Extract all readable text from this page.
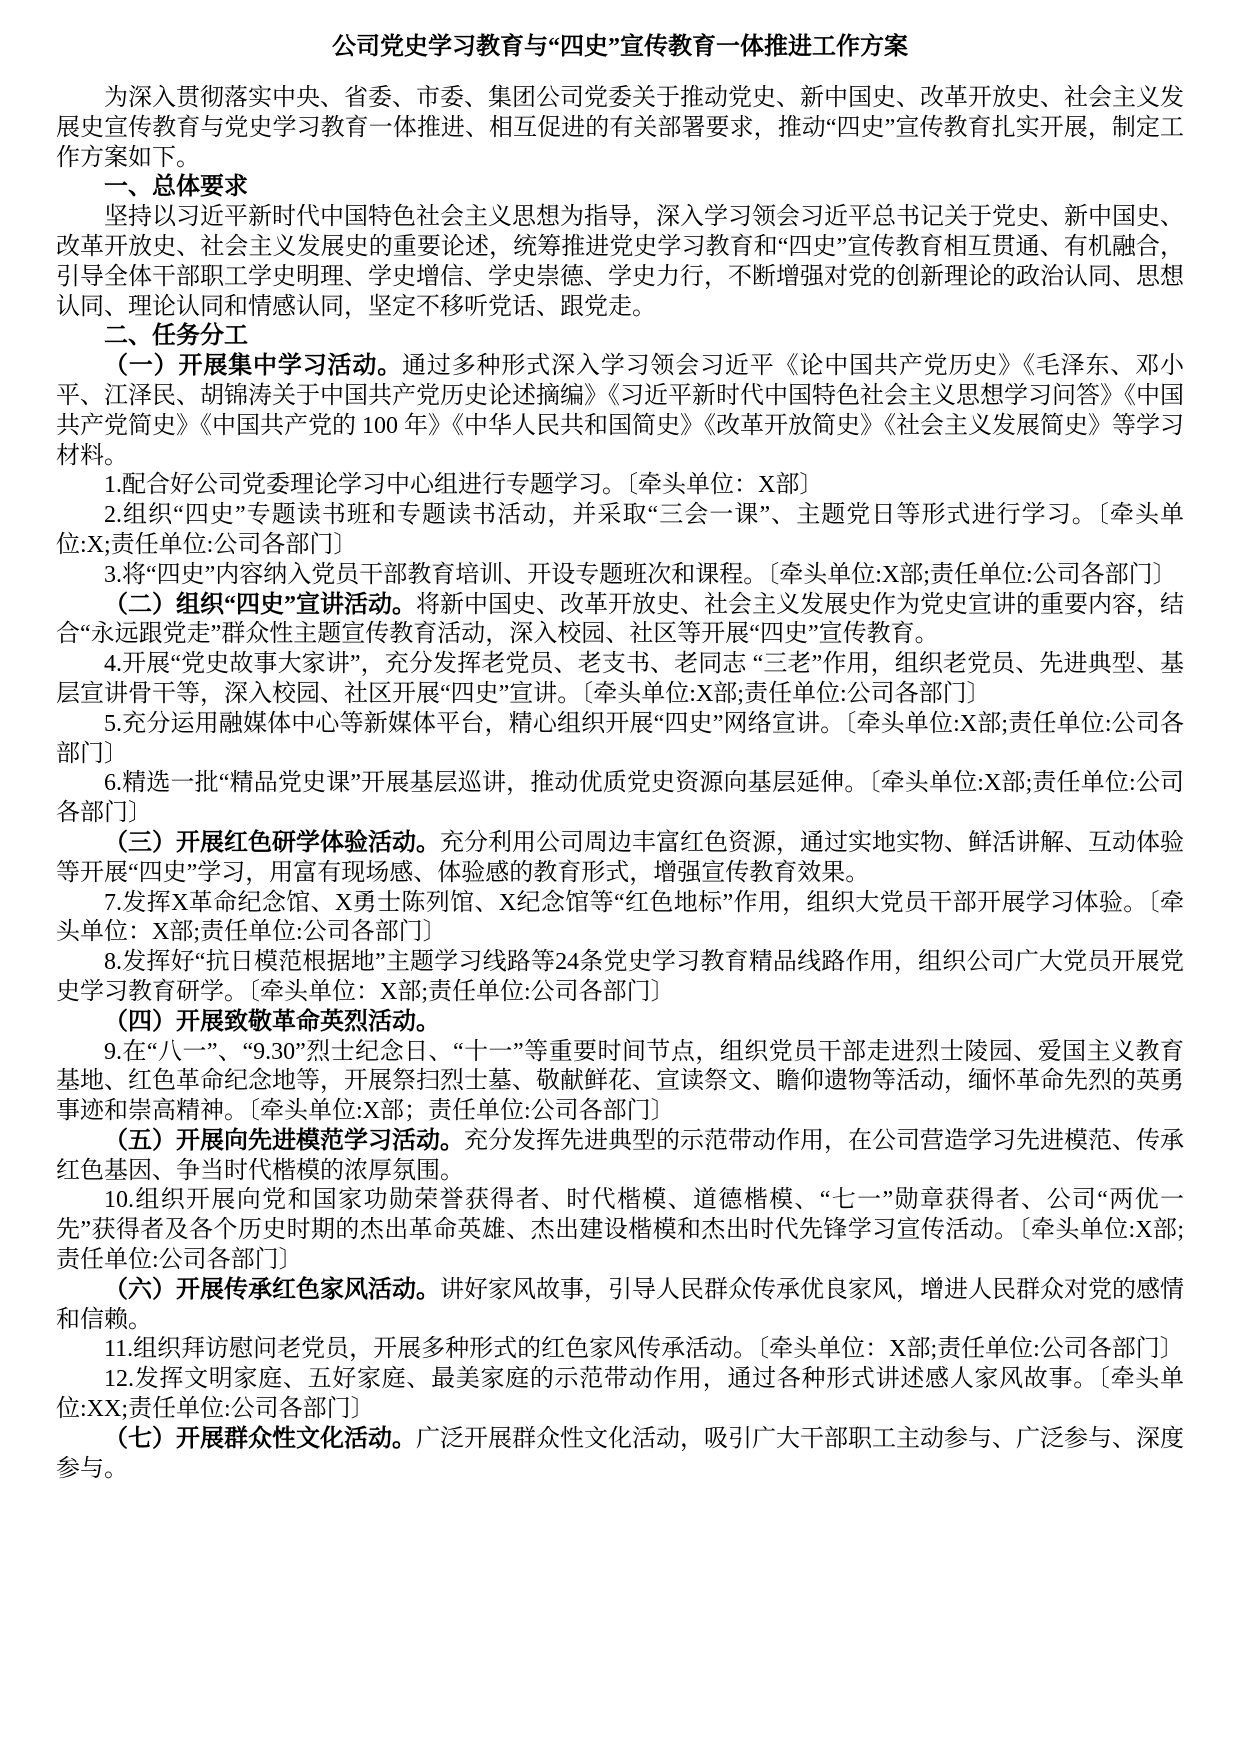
公司党史学习教育与“四史”宣传教育一体推进工作方案

为深入贯彻落实中央、省委、市委、集团公司党委关于推动党史、新中国史、改革开放史、社会主义发展史宣传教育与党史学习教育一体推进、相互促进的有关部署要求，推动“四史”宣传教育扎实开展，制定工作方案如下。

一、总体要求

坚持以习近平新时代中国特色社会主义思想为指导，深入学习领会习近平总书记关于党史、新中国史、改革开放史、社会主义发展史的重要论述，统筹推进党史学习教育和“四史”宣传教育相互贯通、有机融合，引导全体干部职工学史明理、学史增信、学史崇德、学史力行，不断增强对党的创新理论的政治认同、思想认同、理论认同和情感认同，坚定不移听党话、跟党走。

二、任务分工

（一）开展集中学习活动。通过多种形式深入学习领会习近平《论中国共产党历史》《毛泽东、邓小平、江泽民、胡锦涛关于中国共产党历史论述摘编》《习近平新时代中国特色社会主义思想学习问答》《中国共产党简史》《中国共产党的 100 年》《中华人民共和国简史》《改革开放简史》《社会主义发展简史》等学习材料。

1.配合好公司党委理论学习中心组进行专题学习。〔牵头单位：X部〕

2.组织“四史”专题读书班和专题读书活动，并采取“三会一课”、主题党日等形式进行学习。〔牵头单位:X;责任单位:公司各部门〕

3.将“四史”内容纳入党员干部教育培训、开设专题班次和课程。〔牵头单位:X部;责任单位:公司各部门〕

（二）组织“四史”宣讲活动。将新中国史、改革开放史、社会主义发展史作为党史宣讲的重要内容，结合“永远跟党走”群众性主题宣传教育活动，深入校园、社区等开展“四史”宣传教育。

4.开展“党史故事大家讲”，充分发挥老党员、老支书、老同志 “三老”作用，组织老党员、先进典型、基层宣讲骨干等，深入校园、社区开展“四史”宣讲。〔牵头单位:X部;责任单位:公司各部门〕

5.充分运用融媒体中心等新媒体平台，精心组织开展“四史”网络宣讲。〔牵头单位:X部;责任单位:公司各部门〕

6.精选一批“精品党史课”开展基层巡讲，推动优质党史资源向基层延伸。〔牵头单位:X部;责任单位:公司各部门〕

（三）开展红色研学体验活动。充分利用公司周边丰富红色资源，通过实地实物、鲜活讲解、互动体验等开展“四史”学习，用富有现场感、体验感的教育形式，增强宣传教育效果。

7.发挥X革命纪念馆、X勇士陈列馆、X纪念馆等“红色地标”作用，组织大党员干部开展学习体验。〔牵头单位：X部;责任单位:公司各部门〕

8.发挥好“抗日模范根据地”主题学习线路等24条党史学习教育精品线路作用，组织公司广大党员开展党史学习教育研学。〔牵头单位：X部;责任单位:公司各部门〕

（四）开展致敬革命英烈活动。

9.在“八一”、“9.30”烈士纪念日、“十一”等重要时间节点，组织党员干部走进烈士陵园、爱国主义教育基地、红色革命纪念地等，开展祭扫烈士墓、敬献鲜花、宣读祭文、瞻仰遗物等活动，缅怀革命先烈的英勇事迹和崇高精神。〔牵头单位:X部；责任单位:公司各部门〕

（五）开展向先进模范学习活动。充分发挥先进典型的示范带动作用，在公司营造学习先进模范、传承红色基因、争当时代楷模的浓厚氛围。

10.组织开展向党和国家功勋荣誉获得者、时代楷模、道德楷模、“七一”勋章获得者、公司“两优一先”获得者及各个历史时期的杰出革命英雄、杰出建设楷模和杰出时代先锋学习宣传活动。〔牵头单位:X部;责任单位:公司各部门〕

（六）开展传承红色家风活动。讲好家风故事，引导人民群众传承优良家风，增进人民群众对党的感情和信赖。

11.组织拜访慰问老党员，开展多种形式的红色家风传承活动。〔牵头单位：X部;责任单位:公司各部门〕

12.发挥文明家庭、五好家庭、最美家庭的示范带动作用，通过各种形式讲述感人家风故事。〔牵头单位:XX;责任单位:公司各部门〕

（七）开展群众性文化活动。广泛开展群众性文化活动，吸引广大干部职工主动参与、广泛参与、深度参与。
